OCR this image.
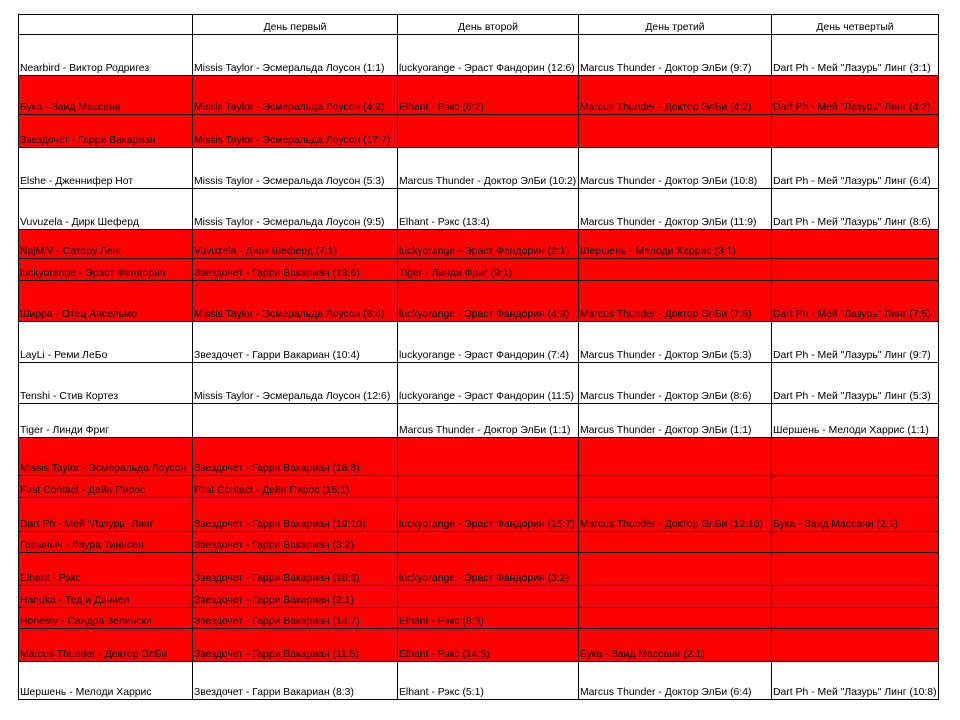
	День первый	День второй	День третий	День четвертый
Nearbird - Виктор Родригез	Missis Taylor - Эсмеральда Лоусон (1:1)	luckyorange - Эраст Фандорин (12:6)	Marcus Thunder - Доктор ЭлБи (9:7)	Dart Ph - Мей "Лазурь" Линг (3:1)
Бука - Заид Массани	Missis Taylor - Эсмеральда Лоусон (4:2)	Elhant - Рэкс (6:2)	Marcus Thunder - Доктор ЭлБи (4:2)	Dart Ph - Мей "Лазурь" Линг (4:2)
Звездочет - Гарри Вакариан	Missis Taylor - Эсмеральда Лоусон (17:7)			
Elshe - Дженнифер Нот	Missis Taylor - Эсмеральда Лоусон (5:3)	Marcus Thunder - Доктор ЭлБи (10:2)	Marcus Thunder - Доктор ЭлБи (10:8)	Dart Ph - Мей "Лазурь" Линг (6:4)
Vuvuzela - Дирк Шеферд	Missis Taylor - Эсмеральда Лоусон (9:5)	Elhant - Рэкс (13:4)	Marcus Thunder - Доктор ЭлБи (11:9)	Dart Ph - Мей "Лазурь" Линг (8:6)
NajMiV - Сатору Ленг	Vuvuzela - Дирк Шеферд (7:1)	luckyorange - Эраст Фандорин (2:1)	Шершень - Мелоди Харрис (3:1)	
luckyorange - Эраст Фандорин	Звездочет - Гарри Вакариан (13:6)	Tiger - Линди Фриг (9:1)		
Ширра - Отец Анcельмо	Missis Taylor - Эсмеральда Лоусон (6:4)	luckyorange - Эраст Фандорин (4:3)	Marcus Thunder - Доктор ЭлБи (7:5)	Dart Ph - Мей "Лазурь" Линг (7:5)
LayLi - Реми ЛеБо	Звездочет - Гарри Вакариан (10:4)	luckyorange - Эраст Фандорин (7:4)	Marcus Thunder - Доктор ЭлБи (5:3)	Dart Ph - Мей "Лазурь" Линг (9:7)
Tenshi - Стив Кортез	Missis Taylor - Эсмеральда Лоусон (12:6)	luckyorange - Эраст Фандорин (11:5)	Marcus Thunder - Доктор ЭлБи (8:6)	Dart Ph - Мей "Лазурь" Линг (5:3)
Tiger - Линди Фриг		Marcus Thunder - Доктор ЭлБи (1:1)	Marcus Thunder - Доктор ЭлБи (1:1)	Шершень - Мелоди Харрис (1:1)
Missis Taylor - Эсмеральда Лоусон	Звездочет - Гарри Вакариан (16:8)			
First Contact - Дейн Пирос	First Contact - Дейн Пирос (15:1)			
Dart Ph - Мей "Лазурь" Линг	Звездочет - Гарри Вакариан (19:10)	luckyorange - Эраст Фандорин (15:7)	Marcus Thunder - Доктор ЭлБи (12:10)	Бука - Заид Массани (2:1)
Горыныч - Лаура Тиннсен	Звездочет - Гарри Вакариан (3:2)			
Elhant - Рэкс	Звездочет - Гарри Вакариан (18:8)	luckyorange - Эраст Фандорин (3:2)		
Hanuka - Тед и Дэниел	Звездочет - Гарри Вакариан (2:1)			
Honesty - Сандра Зелински	Звездочет - Гарри Вакариан (14:7)	Elhant - Рэкс (8:3)		
Marcus Thunder - Доктор ЭлБи	Звездочет - Гарри Вакариан (11:5)	Elhant - Рэкс (14:5)	Бука - Заид Массани (2:1)	
Шершень - Мелоди Харрис	Звездочет - Гарри Вакариан (8:3)	Elhant - Рэкс (5:1)	Marcus Thunder - Доктор ЭлБи (6:4)	Dart Ph - Мей "Лазурь" Линг (10:8)
